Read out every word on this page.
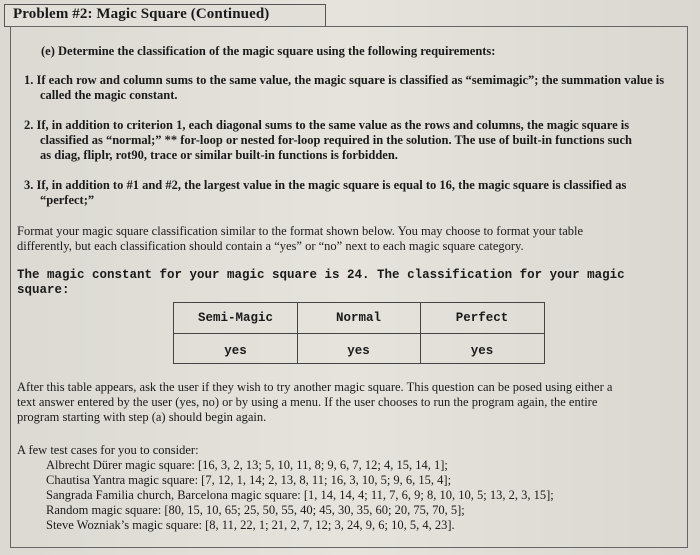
Problem #2: Magic Square (Continued)
(e) Determine the classification of the magic square using the following requirements:
1. If each row and column sums to the same value, the magic square is classified as “semimagic”; the summation value is
called the magic constant.
2. If, in addition to criterion 1, each diagonal sums to the same value as the rows and columns, the magic square is
classified as “normal;” ** for-loop or nested for-loop required in the solution. The use of built-in functions such
as diag, fliplr, rot90, trace or similar built-in functions is forbidden.
3. If, in addition to #1 and #2, the largest value in the magic square is equal to 16, the magic square is classified as
“perfect;”
Format your magic square classification similar to the format shown below. You may choose to format your table
differently, but each classification should contain a “yes” or “no” next to each magic square category.
The magic constant for your magic square is 24. The classification for your magic
square:
Semi-Magic	Normal	Perfect
yes	yes	yes
After this table appears, ask the user if they wish to try another magic square. This question can be posed using either a
text answer entered by the user (yes, no) or by using a menu. If the user chooses to run the program again, the entire
program starting with step (a) should begin again.
A few test cases for you to consider:
Albrecht Dürer magic square: [16, 3, 2, 13; 5, 10, 11, 8; 9, 6, 7, 12; 4, 15, 14, 1];
Chautisa Yantra magic square: [7, 12, 1, 14; 2, 13, 8, 11; 16, 3, 10, 5; 9, 6, 15, 4];
Sangrada Familia church, Barcelona magic square: [1, 14, 14, 4; 11, 7, 6, 9; 8, 10, 10, 5; 13, 2, 3, 15];
Random magic square: [80, 15, 10, 65; 25, 50, 55, 40; 45, 30, 35, 60; 20, 75, 70, 5];
Steve Wozniak’s magic square: [8, 11, 22, 1; 21, 2, 7, 12; 3, 24, 9, 6; 10, 5, 4, 23].
